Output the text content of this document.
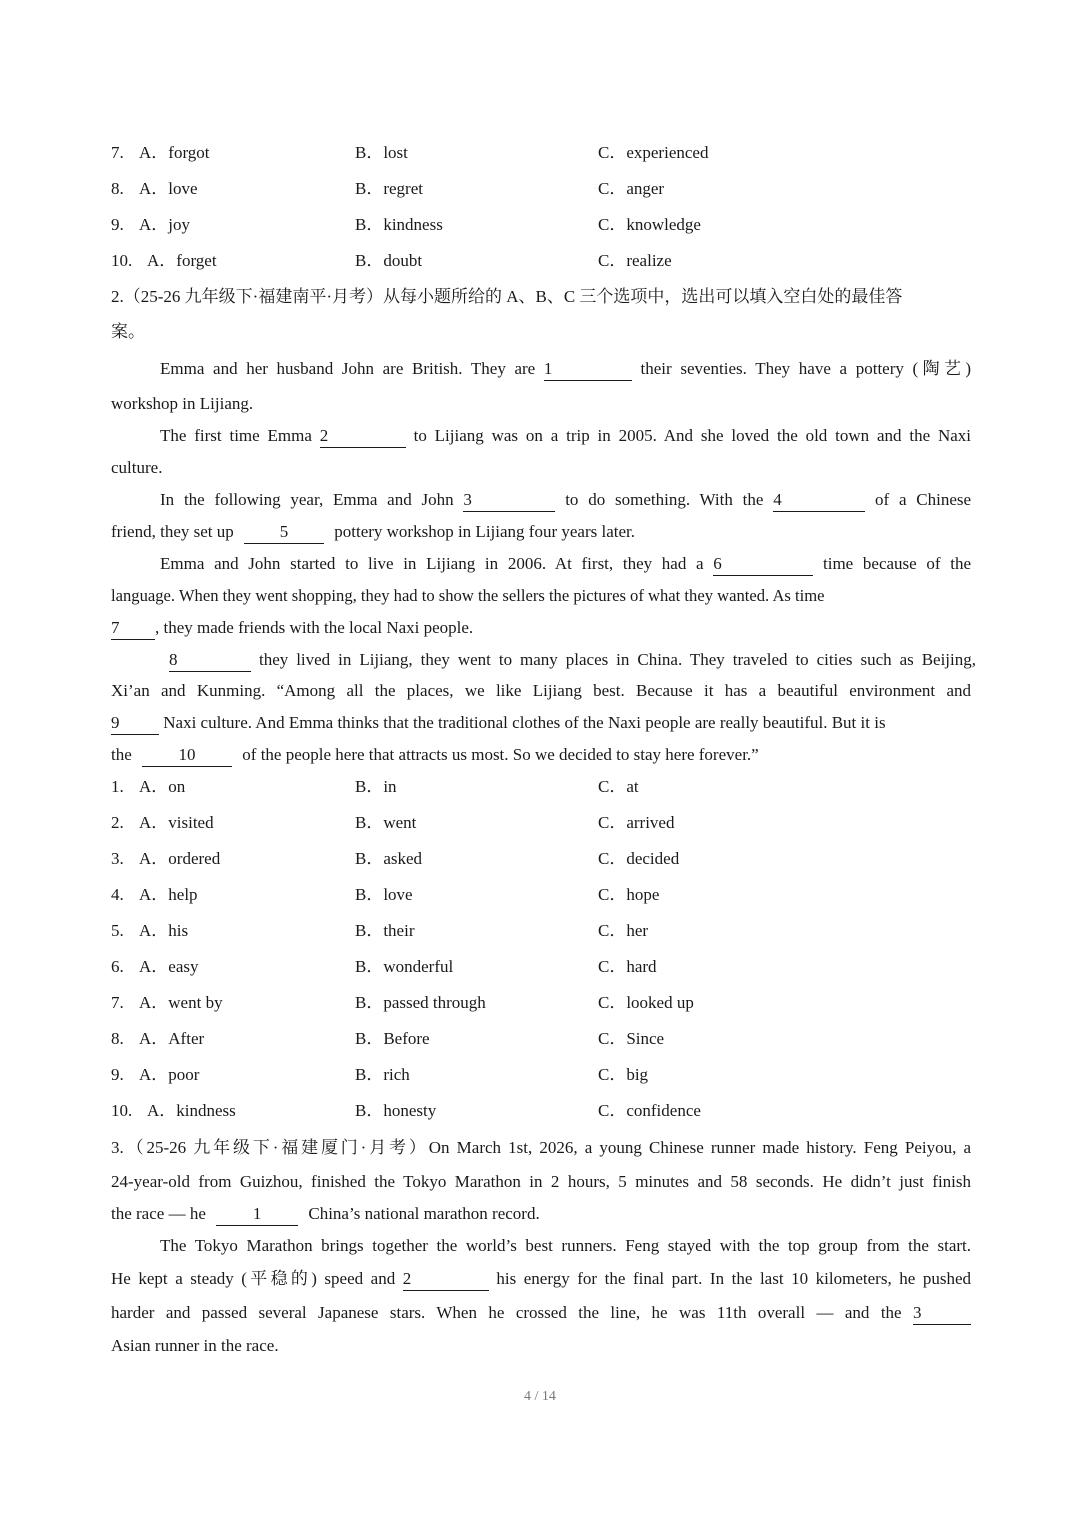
7. A．forgot	B．lost	C．experienced
8. A．love	B．regret	C．anger
9. A．joy	B．kindness	C．knowledge
10. A．forget	B．doubt	C．realize
2.（25-26 九年级下·福建南平·月考）从每小题所给的 A、B、C 三个选项中，选出可以填入空白处的最佳答
案。
Emma and her husband John are British. They are 1	their seventies. They have a pottery (陶艺)
workshop in Lijiang.
The first time Emma 2	to Lijiang was on a trip in 2005. And she loved the old town and the Naxi
culture.
In the following year, Emma and John 3	to do something. With the 4	of a Chinese
friend, they set up	5	pottery workshop in Lijiang four years later.
Emma and John started to live in Lijiang in 2006. At first, they had a 6	time because of the
language. When they went shopping, they had to show the sellers the pictures of what they wanted. As time
7 , they made friends with the local Naxi people.
8	they lived in Lijiang, they went to many places in China. They traveled to cities such as Beijing,
Xi’an and Kunming. “Among all the places, we like Lijiang best. Because it has a beautiful environment and
9	Naxi culture. And Emma thinks that the traditional clothes of the Naxi people are really beautiful. But it is
the	10	of the people here that attracts us most. So we decided to stay here forever.”
1. A．on	B．in	C．at
2. A．visited	B．went	C．arrived
3. A．ordered	B．asked	C．decided
4. A．help	B．love	C．hope
5. A．his	B．their	C．her
6. A．easy	B．wonderful	C．hard
7. A．went by	B．passed through	C．looked up
8. A．After	B．Before	C．Since
9. A．poor	B．rich	C．big
10. A．kindness	B．honesty	C．confidence
3.（25-26 九年级下·福建厦门·月考）On March 1st, 2026, a young Chinese runner made history. Feng Peiyou, a
24-year-old from Guizhou, finished the Tokyo Marathon in 2 hours, 5 minutes and 58 seconds. He didn’t just finish
the race — he	1	China’s national marathon record.
The Tokyo Marathon brings together the world’s best runners. Feng stayed with the top group from the start.
He kept a steady (平稳的) speed and 2	his energy for the final part. In the last 10 kilometers, he pushed
harder and passed several Japanese stars. When he crossed the line, he was 11th overall — and the 3
Asian runner in the race.
4 / 14
